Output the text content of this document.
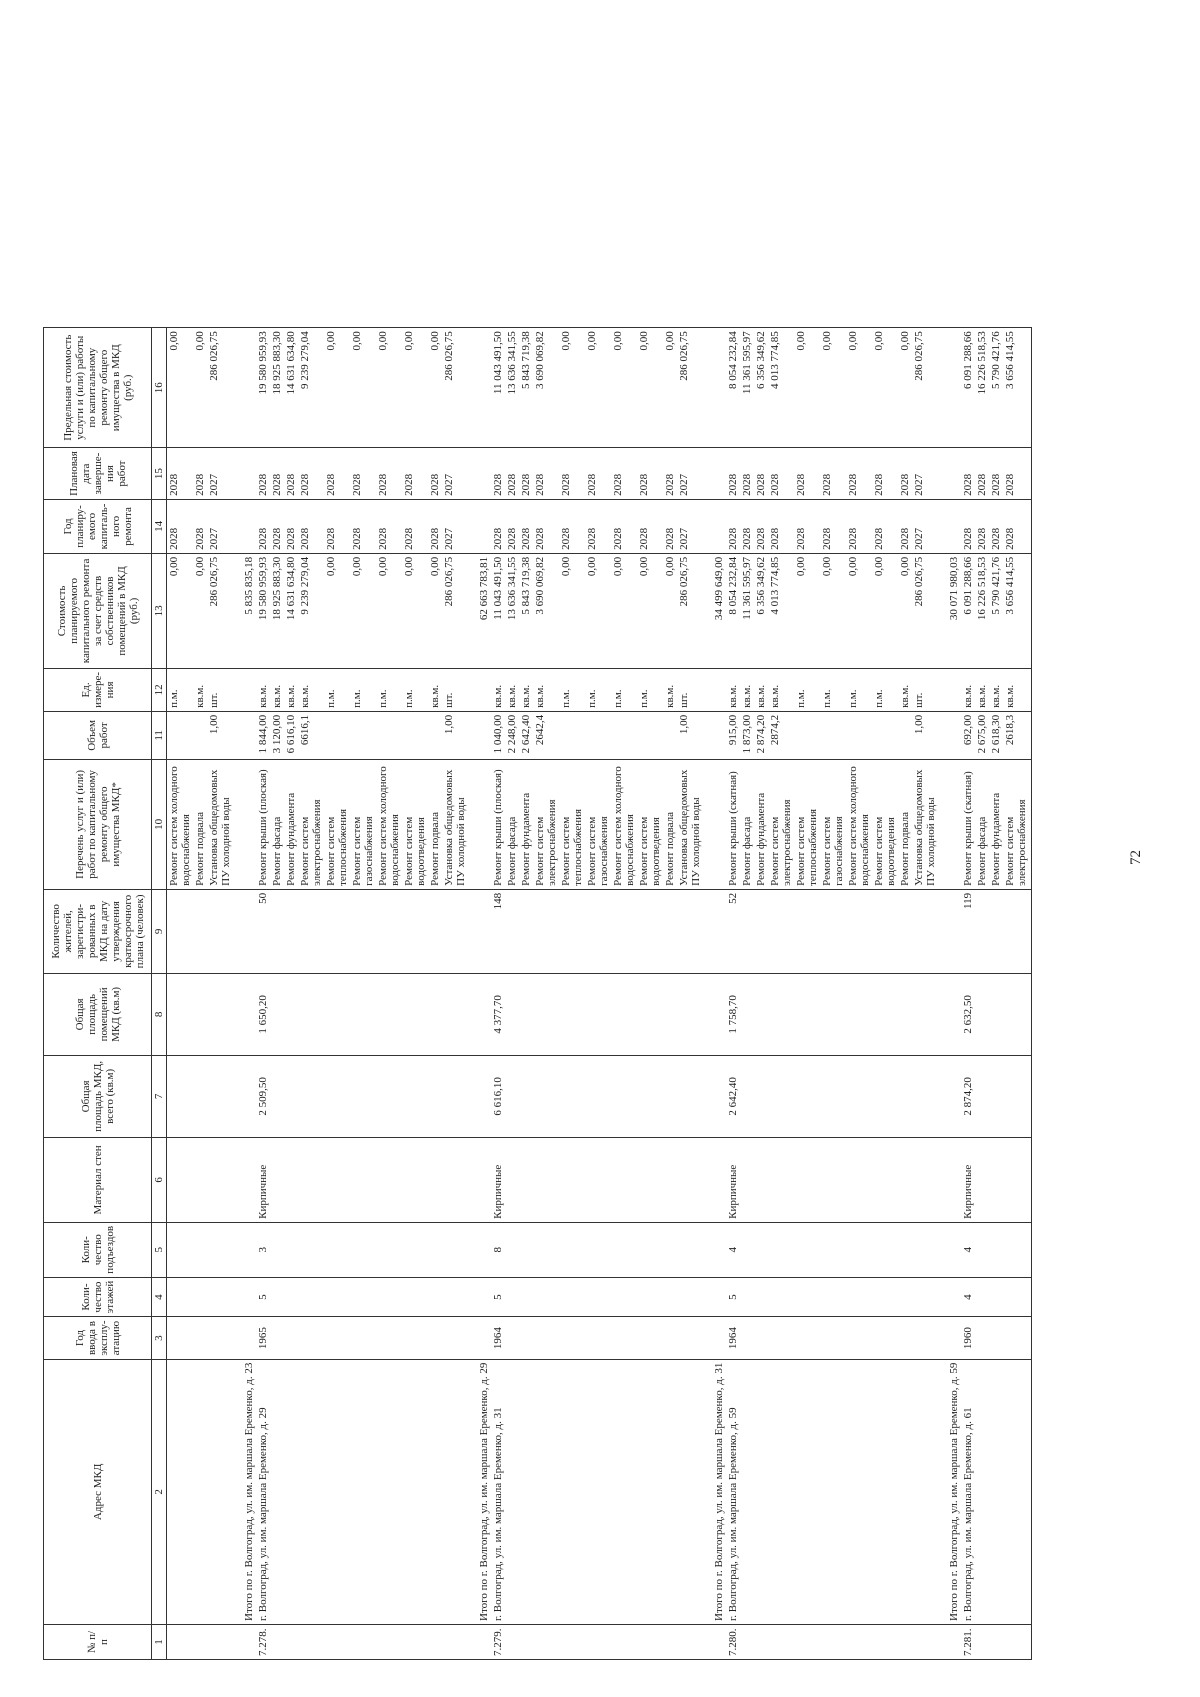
72
№ п/п	Адрес МКД	Год ввода в эксплу-атацию	Коли-чество этажей	Коли-чество подъездов	Материал стен	Общая площадь МКД, всего (кв.м)	Общая площадь помещений МКД (кв.м)	Количество жителей, зарегистри-рованных в МКД на дату утверждения краткосрочного плана (человек)	Перечень услуг и (или) работ по капитальному ремонту общего имущества МКД*	Объем работ	Ед. измере-ния	Стоимость планируемого капитального ремонта за счет средств собственников помещений в МКД (руб.)	Год планиру-емого капиталь-ного ремонта	Плановая дата заверше-ния работ	Предельная стоимость услуги и (или) работы по капитальному ремонту общего имущества в МКД (руб.)
1	2	3	4	5	6	7	8	9	10	11	12	13	14	15	16
									Ремонт систем холодного водоснабжения		п.м.	0,00	2028	2028	0,00
									Ремонт подвала		кв.м.	0,00	2028	2028	0,00
									Установка общедомовых ПУ холодной воды	1,00	шт.	286 026,75	2027	2027	286 026,75
	Итого по г. Волгоград, ул. им. маршала Еременко, д. 23											5 835 835,18			
7.278.	г. Волгоград, ул. им. маршала Еременко, д. 29	1965	5	3	Кирпичные	2 509,50	1 650,20	50	Ремонт крыши (плоская)	1 844,00	кв.м.	19 580 959,93	2028	2028	19 580 959,93
									Ремонт фасада	3 120,00	кв.м.	18 925 883,30	2028	2028	18 925 883,30
									Ремонт фундамента	6 616,10	кв.м.	14 631 634,80	2028	2028	14 631 634,80
									Ремонт систем электроснабжения	6616,1	кв.м.	9 239 279,04	2028	2028	9 239 279,04
									Ремонт систем теплоснабжения		п.м.	0,00	2028	2028	0,00
									Ремонт систем газоснабжения		п.м.	0,00	2028	2028	0,00
									Ремонт систем холодного водоснабжения		п.м.	0,00	2028	2028	0,00
									Ремонт систем водоотведения		п.м.	0,00	2028	2028	0,00
									Ремонт подвала		кв.м.	0,00	2028	2028	0,00
									Установка общедомовых ПУ холодной воды	1,00	шт.	286 026,75	2027	2027	286 026,75
	Итого по г. Волгоград, ул. им. маршала Еременко, д. 29											62 663 783,81			
7.279.	г. Волгоград, ул. им. маршала Еременко, д. 31	1964	5	8	Кирпичные	6 616,10	4 377,70	148	Ремонт крыши (плоская)	1 040,00	кв.м.	11 043 491,50	2028	2028	11 043 491,50
									Ремонт фасада	2 248,00	кв.м.	13 636 341,55	2028	2028	13 636 341,55
									Ремонт фундамента	2 642,40	кв.м.	5 843 719,38	2028	2028	5 843 719,38
									Ремонт систем электроснабжения	2642,4	кв.м.	3 690 069,82	2028	2028	3 690 069,82
									Ремонт систем теплоснабжения		п.м.	0,00	2028	2028	0,00
									Ремонт систем газоснабжения		п.м.	0,00	2028	2028	0,00
									Ремонт систем холодного водоснабжения		п.м.	0,00	2028	2028	0,00
									Ремонт систем водоотведения		п.м.	0,00	2028	2028	0,00
									Ремонт подвала		кв.м.	0,00	2028	2028	0,00
									Установка общедомовых ПУ холодной воды	1,00	шт.	286 026,75	2027	2027	286 026,75
	Итого по г. Волгоград, ул. им. маршала Еременко, д. 31											34 499 649,00			
7.280.	г. Волгоград, ул. им. маршала Еременко, д. 59	1964	5	4	Кирпичные	2 642,40	1 758,70	52	Ремонт крыши (скатная)	915,00	кв.м.	8 054 232,84	2028	2028	8 054 232,84
									Ремонт фасада	1 873,00	кв.м.	11 361 595,97	2028	2028	11 361 595,97
									Ремонт фундамента	2 874,20	кв.м.	6 356 349,62	2028	2028	6 356 349,62
									Ремонт систем электроснабжения	2874,2	кв.м.	4 013 774,85	2028	2028	4 013 774,85
									Ремонт систем теплоснабжения		п.м.	0,00	2028	2028	0,00
									Ремонт систем газоснабжения		п.м.	0,00	2028	2028	0,00
									Ремонт систем холодного водоснабжения		п.м.	0,00	2028	2028	0,00
									Ремонт систем водоотведения		п.м.	0,00	2028	2028	0,00
									Ремонт подвала		кв.м.	0,00	2028	2028	0,00
									Установка общедомовых ПУ холодной воды	1,00	шт.	286 026,75	2027	2027	286 026,75
	Итого по г. Волгоград, ул. им. маршала Еременко, д. 59											30 071 980,03			
7.281.	г. Волгоград, ул. им. маршала Еременко, д. 61	1960	4	4	Кирпичные	2 874,20	2 632,50	119	Ремонт крыши (скатная)	692,00	кв.м.	6 091 288,66	2028	2028	6 091 288,66
									Ремонт фасада	2 675,00	кв.м.	16 226 518,53	2028	2028	16 226 518,53
									Ремонт фундамента	2 618,30	кв.м.	5 790 421,76	2028	2028	5 790 421,76
									Ремонт систем электроснабжения	2618,3	кв.м.	3 656 414,55	2028	2028	3 656 414,55
